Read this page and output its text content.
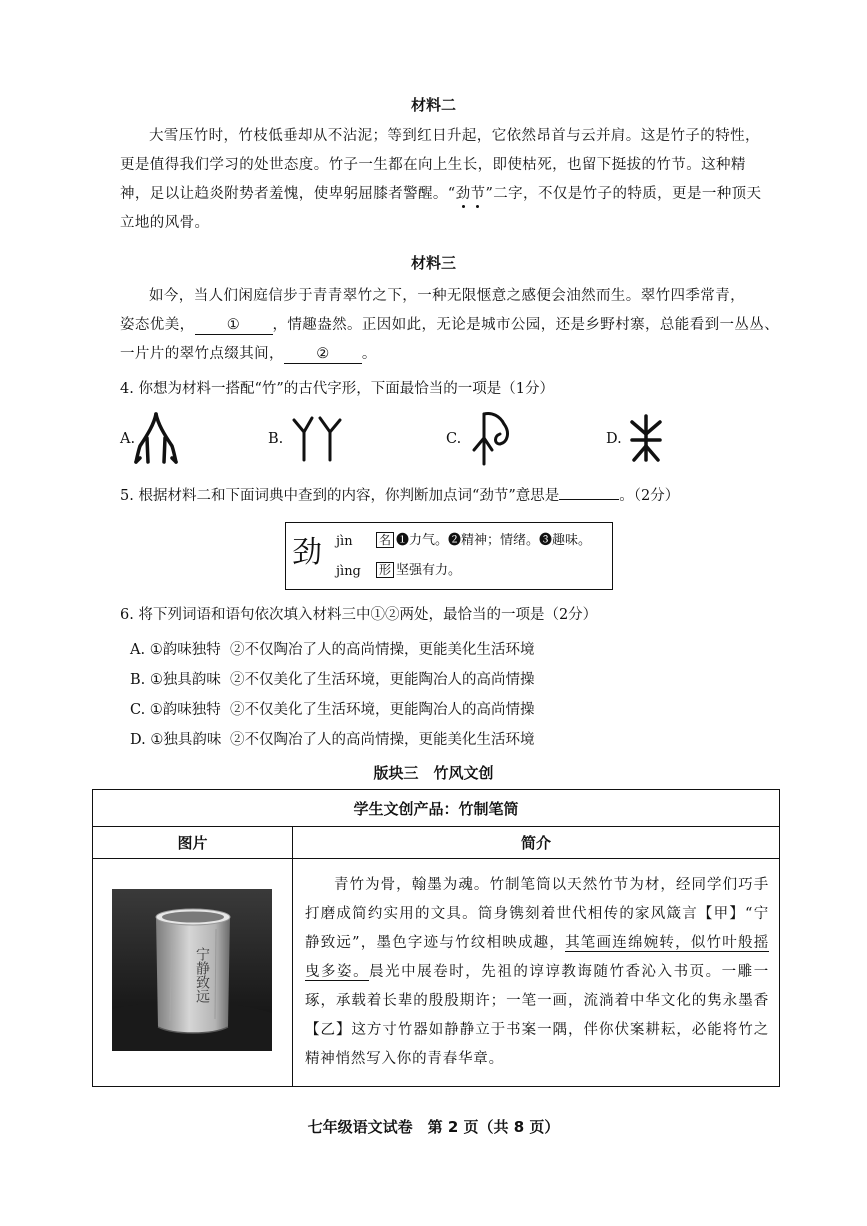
材料二
大雪压竹时，竹枝低垂却从不沾泥；等到红日升起，它依然昂首与云并肩。这是竹子的特性，
更是值得我们学习的处世态度。竹子一生都在向上生长，即使枯死，也留下挺拔的竹节。这种精
神，足以让趋炎附势者羞愧，使卑躬屈膝者警醒。“劲节”二字，不仅是竹子的特质，更是一种顶天
立地的风骨。
材料三
如今，当人们闲庭信步于青青翠竹之下，一种无限惬意之感便会油然而生。翠竹四季常青，
姿态优美， ① ，情趣盎然。正因如此，无论是城市公园，还是乡野村寨，总能看到一丛丛、
一片片的翠竹点缀其间， ② 。
4. 你想为材料一搭配“竹”的古代字形，下面最恰当的一项是（1分）
A.	B.	C.	D.
5. 根据材料二和下面词典中查到的内容，你判断加点词“劲节”意思是	。（2分）
劲 jìn 名 ❶力气。❷精神；情绪。❸趣味。
jìng 形 坚强有力。
6. 将下列词语和语句依次填入材料三中①②两处，最恰当的一项是（2分）
A. ①韵味独特 ②不仅陶冶了人的高尚情操，更能美化生活环境
B. ①独具韵味 ②不仅美化了生活环境，更能陶冶人的高尚情操
C. ①韵味独特 ②不仅美化了生活环境，更能陶冶人的高尚情操
D. ①独具韵味 ②不仅陶冶了人的高尚情操，更能美化生活环境
版块三　竹风文创
学生文创产品：竹制笔筒	
图片	简介

宁静致远	青竹为骨，翰墨为魂。竹制笔筒以天然竹节为材，经同学们巧手打磨成简约实用的文具。筒身镌刻着世代相传的家风箴言【甲】“宁静致远”，墨色字迹与竹纹相映成趣，其笔画连绵婉转，似竹叶般摇曳多姿。晨光中展卷时，先祖的谆谆教诲随竹香沁入书页。一雕一琢，承载着长辈的殷殷期许；一笔一画，流淌着中华文化的隽永墨香【乙】这方寸竹器如静静立于书案一隅，伴你伏案耕耘，必能将竹之精神悄然写入你的青春华章。
七年级语文试卷　第 2 页（共 8 页）
